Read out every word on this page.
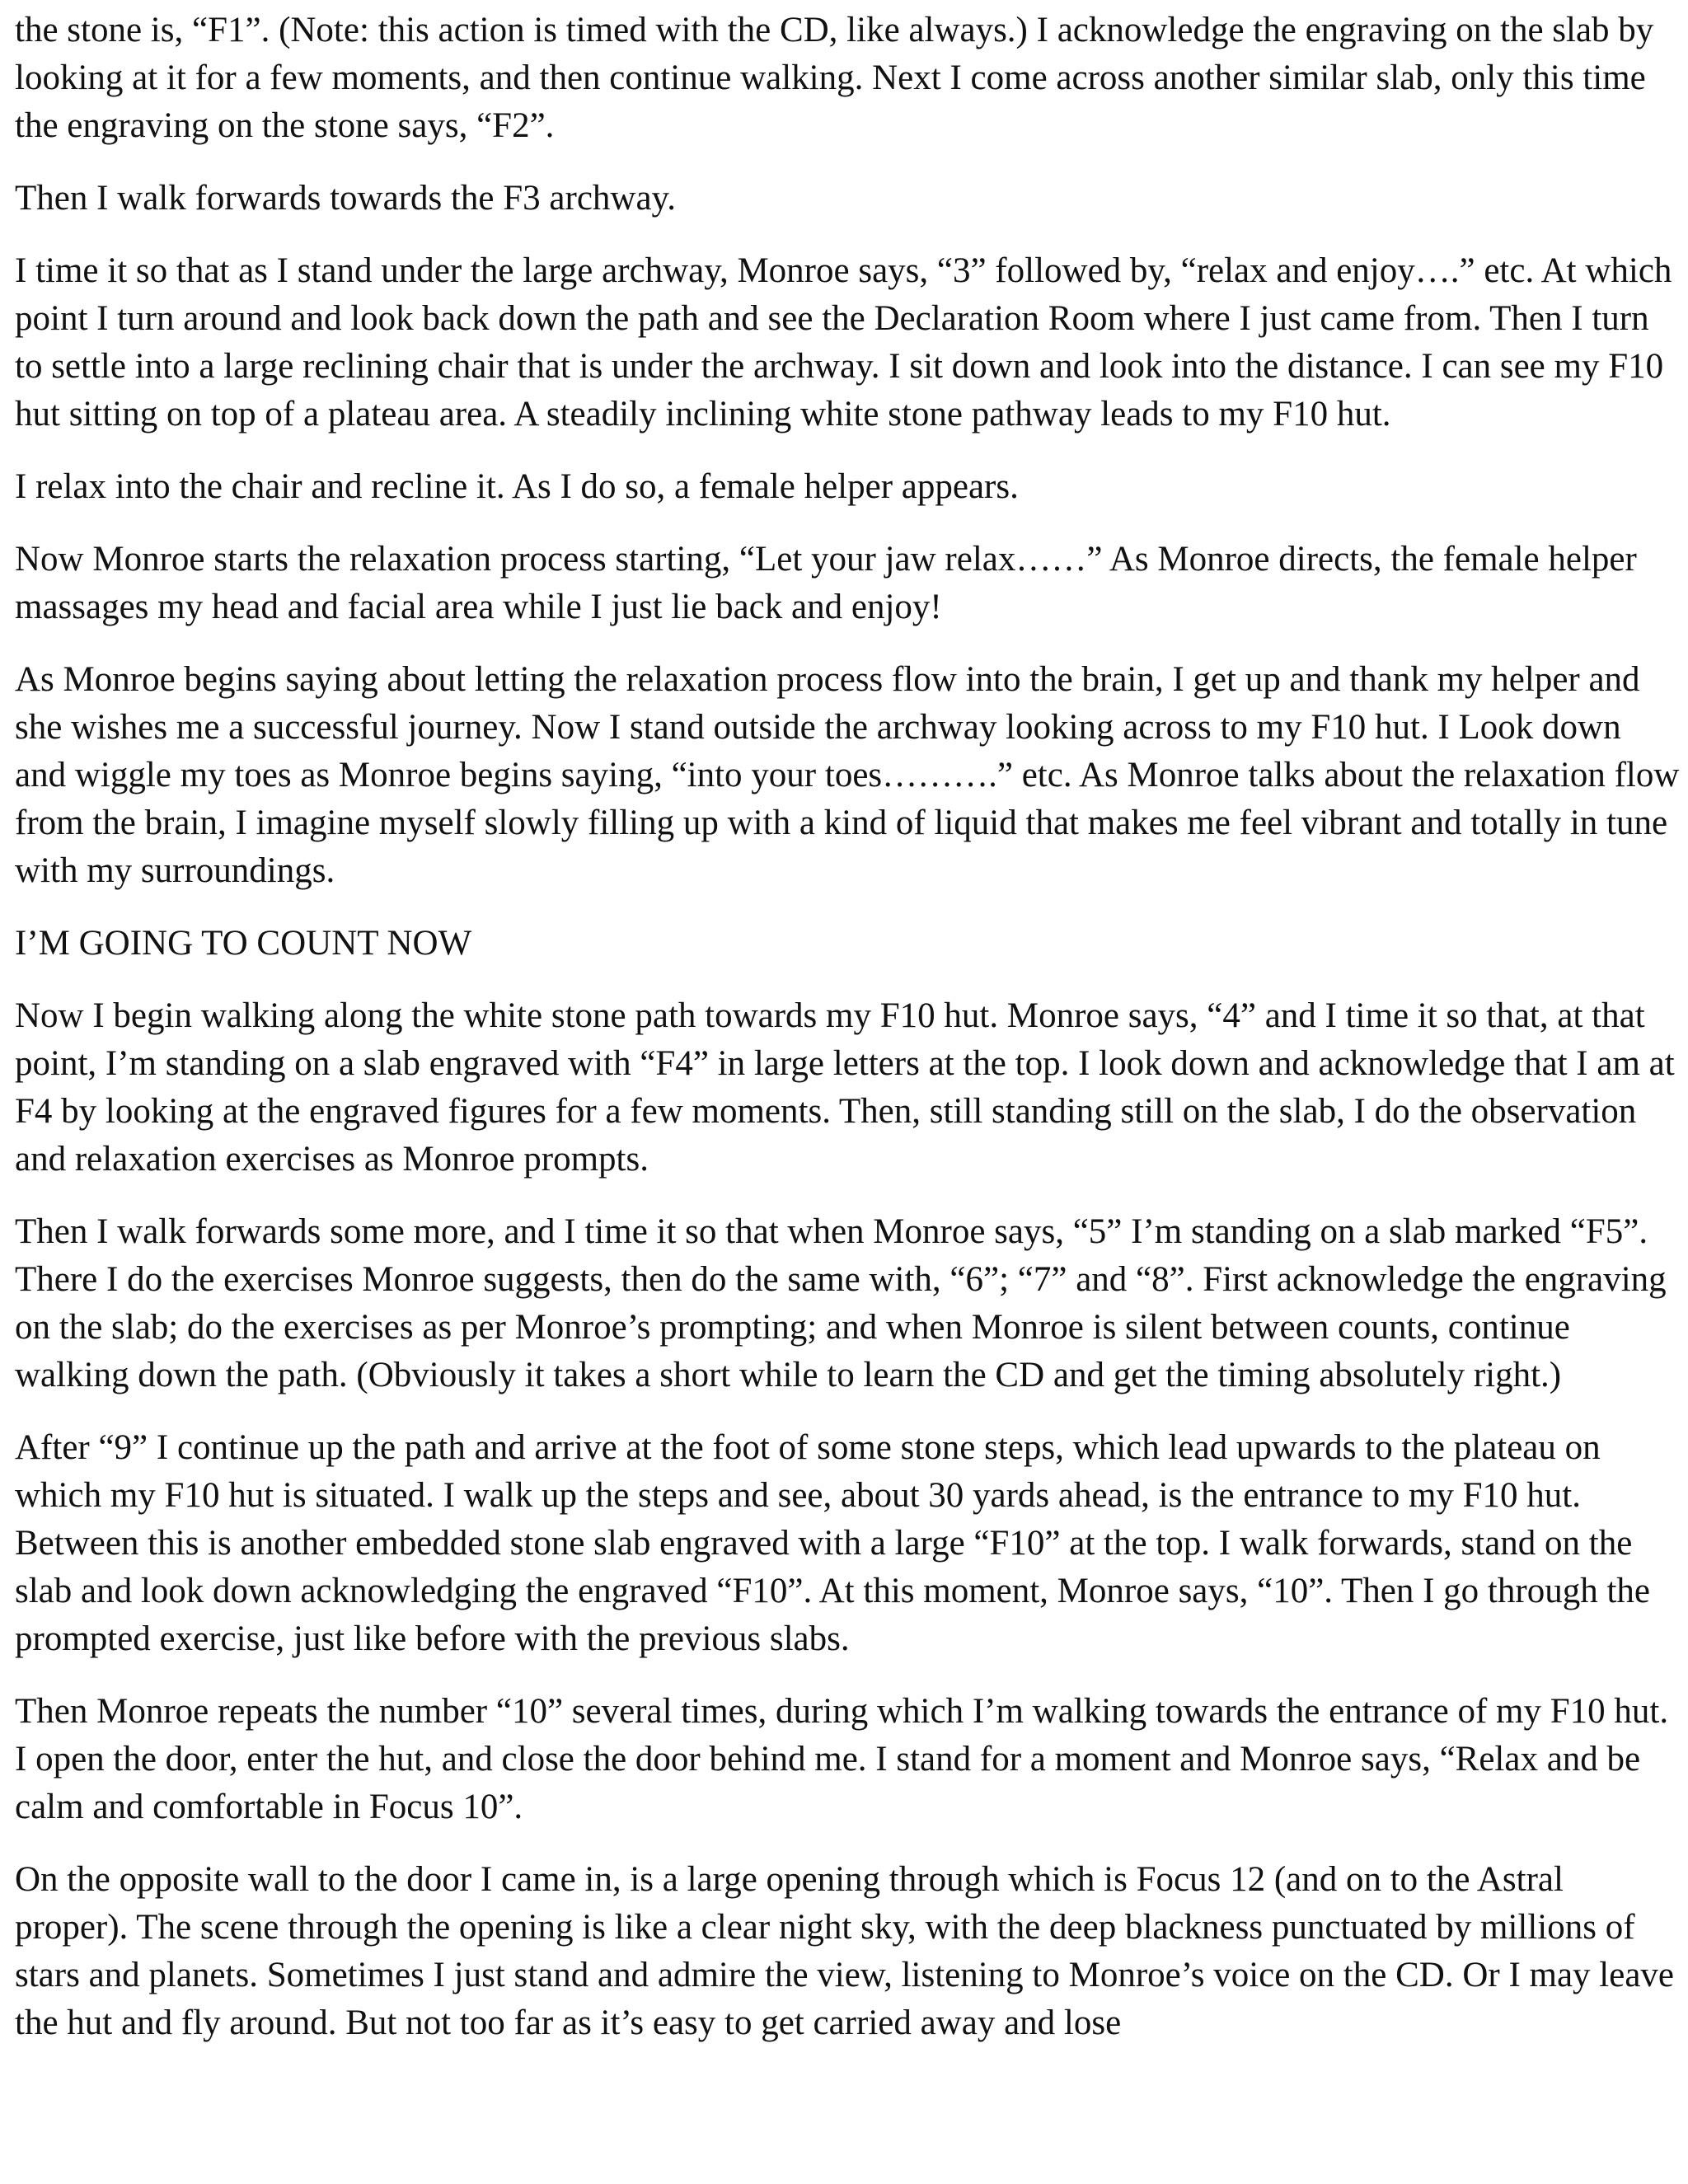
the stone is, “F1”. (Note: this action is timed with the CD, like always.) I acknowledge the engraving on the slab by looking at it for a few moments, and then continue walking. Next I come across another similar slab, only this time the engraving on the stone says, “F2”.

Then I walk forwards towards the F3 archway.

I time it so that as I stand under the large archway, Monroe says, “3” followed by, “relax and enjoy….” etc. At which point I turn around and look back down the path and see the Declaration Room where I just came from. Then I turn to settle into a large reclining chair that is under the archway. I sit down and look into the distance. I can see my F10 hut sitting on top of a plateau area. A steadily inclining white stone pathway leads to my F10 hut.

I relax into the chair and recline it. As I do so, a female helper appears.

Now Monroe starts the relaxation process starting, “Let your jaw relax……” As Monroe directs, the female helper massages my head and facial area while I just lie back and enjoy!

As Monroe begins saying about letting the relaxation process flow into the brain, I get up and thank my helper and she wishes me a successful journey. Now I stand outside the archway looking across to my F10 hut. I Look down and wiggle my toes as Monroe begins saying, “into your toes……….” etc. As Monroe talks about the relaxation flow from the brain, I imagine myself slowly filling up with a kind of liquid that makes me feel vibrant and totally in tune with my surroundings.

I’M GOING TO COUNT NOW

Now I begin walking along the white stone path towards my F10 hut. Monroe says, “4” and I time it so that, at that point, I’m standing on a slab engraved with “F4” in large letters at the top. I look down and acknowledge that I am at F4 by looking at the engraved figures for a few moments. Then, still standing still on the slab, I do the observation and relaxation exercises as Monroe prompts.

Then I walk forwards some more, and I time it so that when Monroe says, “5” I’m standing on a slab marked “F5”. There I do the exercises Monroe suggests, then do the same with, “6”; “7” and “8”. First acknowledge the engraving on the slab; do the exercises as per Monroe’s prompting; and when Monroe is silent between counts, continue walking down the path. (Obviously it takes a short while to learn the CD and get the timing absolutely right.)

After “9” I continue up the path and arrive at the foot of some stone steps, which lead upwards to the plateau on which my F10 hut is situated. I walk up the steps and see, about 30 yards ahead, is the entrance to my F10 hut. Between this is another embedded stone slab engraved with a large “F10” at the top. I walk forwards, stand on the slab and look down acknowledging the engraved “F10”. At this moment, Monroe says, “10”. Then I go through the prompted exercise, just like before with the previous slabs.

Then Monroe repeats the number “10” several times, during which I’m walking towards the entrance of my F10 hut. I open the door, enter the hut, and close the door behind me. I stand for a moment and Monroe says, “Relax and be calm and comfortable in Focus 10”.

On the opposite wall to the door I came in, is a large opening through which is Focus 12 (and on to the Astral proper). The scene through the opening is like a clear night sky, with the deep blackness punctuated by millions of stars and planets. Sometimes I just stand and admire the view, listening to Monroe’s voice on the CD. Or I may leave the hut and fly around. But not too far as it’s easy to get carried away and lose
